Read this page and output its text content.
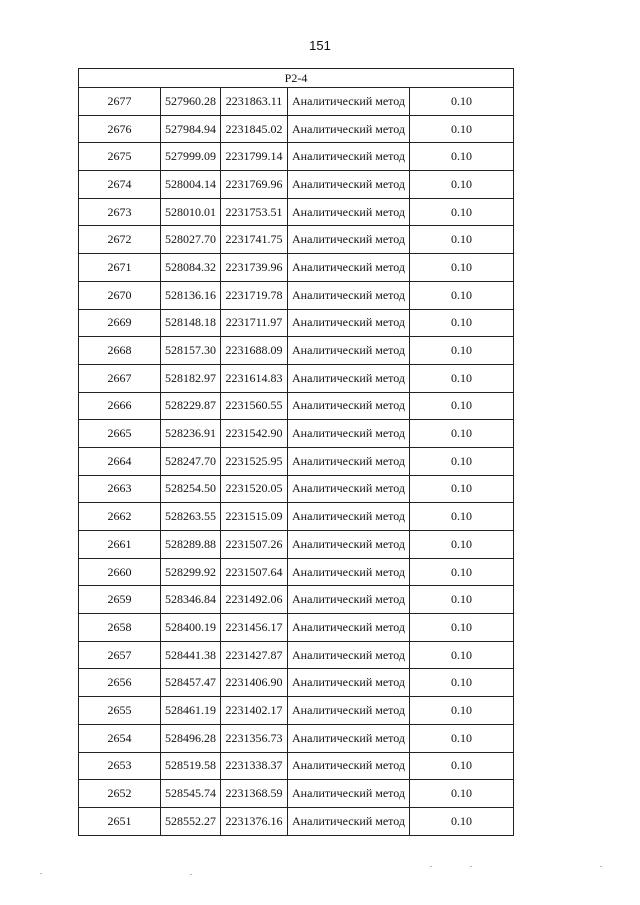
151
Р2-4				
2677	527960.28	2231863.11	Аналитический метод	0.10
2676	527984.94	2231845.02	Аналитический метод	0.10
2675	527999.09	2231799.14	Аналитический метод	0.10
2674	528004.14	2231769.96	Аналитический метод	0.10
2673	528010.01	2231753.51	Аналитический метод	0.10
2672	528027.70	2231741.75	Аналитический метод	0.10
2671	528084.32	2231739.96	Аналитический метод	0.10
2670	528136.16	2231719.78	Аналитический метод	0.10
2669	528148.18	2231711.97	Аналитический метод	0.10
2668	528157.30	2231688.09	Аналитический метод	0.10
2667	528182.97	2231614.83	Аналитический метод	0.10
2666	528229.87	2231560.55	Аналитический метод	0.10
2665	528236.91	2231542.90	Аналитический метод	0.10
2664	528247.70	2231525.95	Аналитический метод	0.10
2663	528254.50	2231520.05	Аналитический метод	0.10
2662	528263.55	2231515.09	Аналитический метод	0.10
2661	528289.88	2231507.26	Аналитический метод	0.10
2660	528299.92	2231507.64	Аналитический метод	0.10
2659	528346.84	2231492.06	Аналитический метод	0.10
2658	528400.19	2231456.17	Аналитический метод	0.10
2657	528441.38	2231427.87	Аналитический метод	0.10
2656	528457.47	2231406.90	Аналитический метод	0.10
2655	528461.19	2231402.17	Аналитический метод	0.10
2654	528496.28	2231356.73	Аналитический метод	0.10
2653	528519.58	2231338.37	Аналитический метод	0.10
2652	528545.74	2231368.59	Аналитический метод	0.10
2651	528552.27	2231376.16	Аналитический метод	0.10
